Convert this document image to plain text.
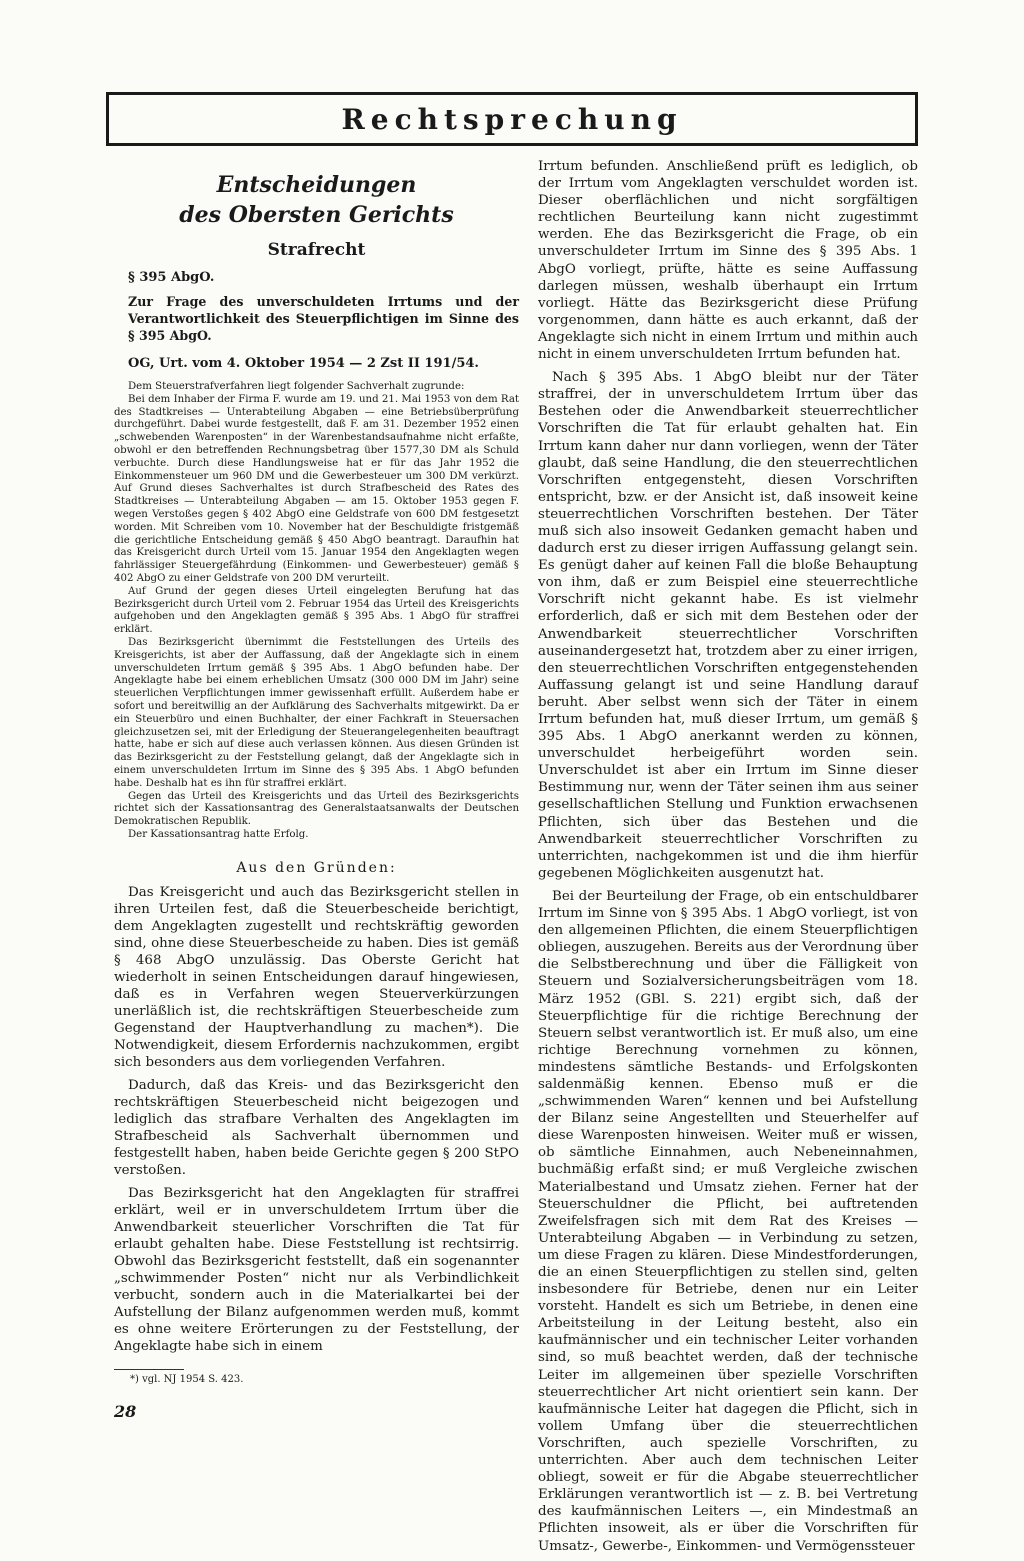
Rechtsprechung
Entscheidungen
des Obersten Gerichts
Strafrecht
§ 395 AbgO.
Zur Frage des unverschuldeten Irrtums und der Verantwortlichkeit des Steuerpflichtigen im Sinne des § 395 AbgO.
OG, Urt. vom 4. Oktober 1954 — 2 Zst II 191/54.

Dem Steuerstrafverfahren liegt folgender Sachverhalt zugrunde:

Bei dem Inhaber der Firma F. wurde am 19. und 21. Mai 1953 von dem Rat des Stadtkreises — Unterabteilung Abgaben — eine Betriebsüberprüfung durchgeführt. Dabei wurde festgestellt, daß F. am 31. Dezember 1952 einen „schwebenden Warenposten“ in der Warenbestandsaufnahme nicht erfaßte, obwohl er den betreffenden Rechnungsbetrag über 1577,30 DM als Schuld verbuchte. Durch diese Handlungsweise hat er für das Jahr 1952 die Einkommensteuer um 960 DM und die Gewerbesteuer um 300 DM verkürzt. Auf Grund dieses Sachverhaltes ist durch Strafbescheid des Rates des Stadtkreises — Unterabteilung Abgaben — am 15. Oktober 1953 gegen F. wegen Verstoßes gegen § 402 AbgO eine Geldstrafe von 600 DM festgesetzt worden. Mit Schreiben vom 10. November hat der Beschuldigte fristgemäß die gerichtliche Entscheidung gemäß § 450 AbgO beantragt. Daraufhin hat das Kreisgericht durch Urteil vom 15. Januar 1954 den Angeklagten wegen fahrlässiger Steuergefährdung (Einkommen- und Gewerbesteuer) gemäß § 402 AbgO zu einer Geldstrafe von 200 DM verurteilt.

Auf Grund der gegen dieses Urteil eingelegten Berufung hat das Bezirksgericht durch Urteil vom 2. Februar 1954 das Urteil des Kreisgerichts aufgehoben und den Angeklagten gemäß § 395 Abs. 1 AbgO für straffrei erklärt.

Das Bezirksgericht übernimmt die Feststellungen des Urteils des Kreisgerichts, ist aber der Auffassung, daß der Angeklagte sich in einem unverschuldeten Irrtum gemäß § 395 Abs. 1 AbgO befunden habe. Der Angeklagte habe bei einem erheblichen Umsatz (300 000 DM im Jahr) seine steuerlichen Verpflichtungen immer gewissenhaft erfüllt. Außerdem habe er sofort und bereitwillig an der Aufklärung des Sachverhalts mitgewirkt. Da er ein Steuerbüro und einen Buchhalter, der einer Fachkraft in Steuersachen gleichzusetzen sei, mit der Erledigung der Steuerangelegenheiten beauftragt hatte, habe er sich auf diese auch verlassen können. Aus diesen Gründen ist das Bezirksgericht zu der Feststellung gelangt, daß der Angeklagte sich in einem unverschuldeten Irrtum im Sinne des § 395 Abs. 1 AbgO befunden habe. Deshalb hat es ihn für straffrei erklärt.

Gegen das Urteil des Kreisgerichts und das Urteil des Bezirksgerichts richtet sich der Kassationsantrag des Generalstaatsanwalts der Deutschen Demokratischen Republik.

Der Kassationsantrag hatte Erfolg.

Aus den Gründen:

Das Kreisgericht und auch das Bezirksgericht stellen in ihren Urteilen fest, daß die Steuerbescheide berichtigt, dem Angeklagten zugestellt und rechtskräftig geworden sind, ohne diese Steuerbescheide zu haben. Dies ist gemäß § 468 AbgO unzulässig. Das Oberste Gericht hat wiederholt in seinen Entscheidungen darauf hingewiesen, daß es in Verfahren wegen Steuerverkürzungen unerläßlich ist, die rechtskräftigen Steuerbescheide zum Gegenstand der Hauptverhandlung zu machen*). Die Notwendigkeit, diesem Erfordernis nachzukommen, ergibt sich besonders aus dem vorliegenden Verfahren.

Dadurch, daß das Kreis- und das Bezirksgericht den rechtskräftigen Steuerbescheid nicht beigezogen und lediglich das strafbare Verhalten des Angeklagten im Strafbescheid als Sachverhalt übernommen und festgestellt haben, haben beide Gerichte gegen § 200 StPO verstoßen.

Das Bezirksgericht hat den Angeklagten für straffrei erklärt, weil er in unverschuldetem Irrtum über die Anwendbarkeit steuerlicher Vorschriften die Tat für erlaubt gehalten habe. Diese Feststellung ist rechtsirrig. Obwohl das Bezirksgericht feststellt, daß ein sogenannter „schwimmender Posten“ nicht nur als Verbindlichkeit verbucht, sondern auch in die Materialkartei bei der Aufstellung der Bilanz aufgenommen werden muß, kommt es ohne weitere Erörterungen zu der Feststellung, der Angeklagte habe sich in einem

*) vgl. NJ 1954 S. 423.

Irrtum befunden. Anschließend prüft es lediglich, ob der Irrtum vom Angeklagten verschuldet worden ist. Dieser oberflächlichen und nicht sorgfältigen rechtlichen Beurteilung kann nicht zugestimmt werden. Ehe das Bezirksgericht die Frage, ob ein unverschuldeter Irrtum im Sinne des § 395 Abs. 1 AbgO vorliegt, prüfte, hätte es seine Auffassung darlegen müssen, weshalb überhaupt ein Irrtum vorliegt. Hätte das Bezirksgericht diese Prüfung vorgenommen, dann hätte es auch erkannt, daß der Angeklagte sich nicht in einem Irrtum und mithin auch nicht in einem unverschuldeten Irrtum befunden hat.

Nach § 395 Abs. 1 AbgO bleibt nur der Täter straffrei, der in unverschuldetem Irrtum über das Bestehen oder die Anwendbarkeit steuerrechtlicher Vorschriften die Tat für erlaubt gehalten hat. Ein Irrtum kann daher nur dann vorliegen, wenn der Täter glaubt, daß seine Handlung, die den steuerrechtlichen Vorschriften entgegensteht, diesen Vorschriften entspricht, bzw. er der Ansicht ist, daß insoweit keine steuerrechtlichen Vorschriften bestehen. Der Täter muß sich also insoweit Gedanken gemacht haben und dadurch erst zu dieser irrigen Auffassung gelangt sein. Es genügt daher auf keinen Fall die bloße Behauptung von ihm, daß er zum Beispiel eine steuerrechtliche Vorschrift nicht gekannt habe. Es ist vielmehr erforderlich, daß er sich mit dem Bestehen oder der Anwendbarkeit steuerrechtlicher Vorschriften auseinandergesetzt hat, trotzdem aber zu einer irrigen, den steuerrechtlichen Vorschriften entgegenstehenden Auffassung gelangt ist und seine Handlung darauf beruht. Aber selbst wenn sich der Täter in einem Irrtum befunden hat, muß dieser Irrtum, um gemäß § 395 Abs. 1 AbgO anerkannt werden zu können, unverschuldet herbeigeführt worden sein. Unverschuldet ist aber ein Irrtum im Sinne dieser Bestimmung nur, wenn der Täter seinen ihm aus seiner gesellschaftlichen Stellung und Funktion erwachsenen Pflichten, sich über das Bestehen und die Anwendbarkeit steuerrechtlicher Vorschriften zu unterrichten, nachgekommen ist und die ihm hierfür gegebenen Möglichkeiten ausgenutzt hat.

Bei der Beurteilung der Frage, ob ein entschuldbarer Irrtum im Sinne von § 395 Abs. 1 AbgO vorliegt, ist von den allgemeinen Pflichten, die einem Steuerpflichtigen obliegen, auszugehen. Bereits aus der Verordnung über die Selbstberechnung und über die Fälligkeit von Steuern und Sozialversicherungsbeiträgen vom 18. März 1952 (GBl. S. 221) ergibt sich, daß der Steuerpflichtige für die richtige Berechnung der Steuern selbst verantwortlich ist. Er muß also, um eine richtige Berechnung vornehmen zu können, mindestens sämtliche Bestands- und Erfolgskonten saldenmäßig kennen. Ebenso muß er die „schwimmenden Waren“ kennen und bei Aufstellung der Bilanz seine Angestellten und Steuerhelfer auf diese Warenposten hinweisen. Weiter muß er wissen, ob sämtliche Einnahmen, auch Nebeneinnahmen, buchmäßig erfaßt sind; er muß Vergleiche zwischen Materialbestand und Umsatz ziehen. Ferner hat der Steuerschuldner die Pflicht, bei auftretenden Zweifelsfragen sich mit dem Rat des Kreises — Unterabteilung Abgaben — in Verbindung zu setzen, um diese Fragen zu klären. Diese Mindestforderungen, die an einen Steuerpflichtigen zu stellen sind, gelten insbesondere für Betriebe, denen nur ein Leiter vorsteht. Handelt es sich um Betriebe, in denen eine Arbeitsteilung in der Leitung besteht, also ein kaufmännischer und ein technischer Leiter vorhanden sind, so muß beachtet werden, daß der technische Leiter im allgemeinen über spezielle Vorschriften steuerrechtlicher Art nicht orientiert sein kann. Der kaufmännische Leiter hat dagegen die Pflicht, sich in vollem Umfang über die steuerrechtlichen Vorschriften, auch spezielle Vorschriften, zu unterrichten. Aber auch dem technischen Leiter obliegt, soweit er für die Abgabe steuerrechtlicher Erklärungen verantwortlich ist — z. B. bei Vertretung des kaufmännischen Leiters —, ein Mindestmaß an Pflichten insoweit, als er über die Vorschriften für Umsatz-, Gewerbe-, Einkommen- und Vermögenssteuer

28
